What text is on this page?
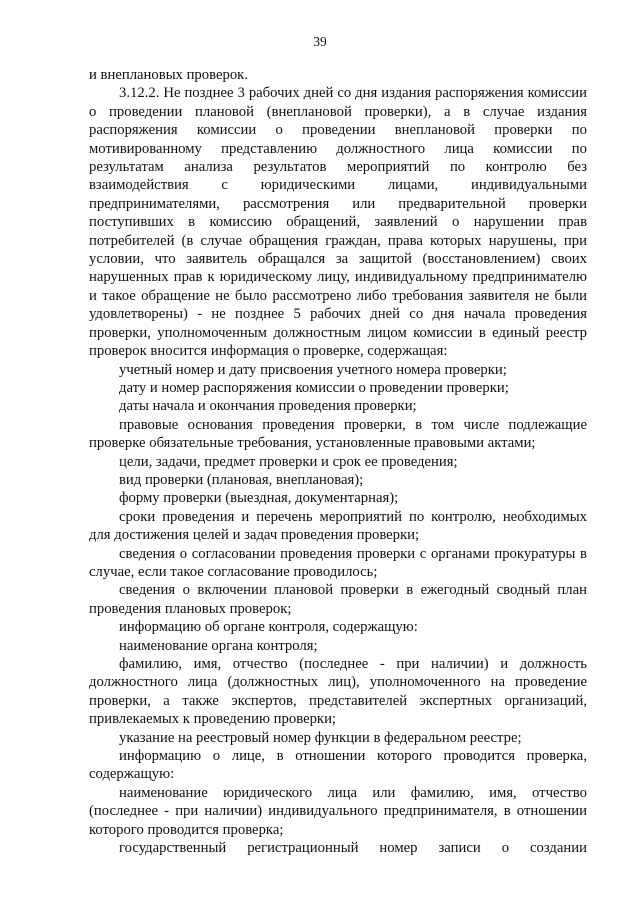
39

и внеплановых проверок.

3.12.2. Не позднее 3 рабочих дней со дня издания распоряжения комиссии о проведении плановой (внеплановой проверки), а в случае издания распоряжения комиссии о проведении внеплановой проверки по мотивированному представлению должностного лица комиссии по результатам анализа результатов мероприятий по контролю без взаимодействия с юридическими лицами, индивидуальными предпринимателями, рассмотрения или предварительной проверки поступивших в комиссию обращений, заявлений о нарушении прав потребителей (в случае обращения граждан, права которых нарушены, при условии, что заявитель обращался за защитой (восстановлением) своих нарушенных прав к юридическому лицу, индивидуальному предпринимателю и такое обращение не было рассмотрено либо требования заявителя не были удовлетворены) - не позднее 5 рабочих дней со дня начала проведения проверки, уполномоченным должностным лицом комиссии в единый реестр проверок вносится информация о проверке, содержащая:

учетный номер и дату присвоения учетного номера проверки;

дату и номер распоряжения комиссии о проведении проверки;

даты начала и окончания проведения проверки;

правовые основания проведения проверки, в том числе подлежащие проверке обязательные требования, установленные правовыми актами;

цели, задачи, предмет проверки и срок ее проведения;

вид проверки (плановая, внеплановая);

форму проверки (выездная, документарная);

сроки проведения и перечень мероприятий по контролю, необходимых для достижения целей и задач проведения проверки;

сведения о согласовании проведения проверки с органами прокуратуры в случае, если такое согласование проводилось;

сведения о включении плановой проверки в ежегодный сводный план проведения плановых проверок;

информацию об органе контроля, содержащую:

наименование органа контроля;

фамилию, имя, отчество (последнее - при наличии) и должность должностного лица (должностных лиц), уполномоченного на проведение проверки, а также экспертов, представителей экспертных организаций, привлекаемых к проведению проверки;

указание на реестровый номер функции в федеральном реестре;

информацию о лице, в отношении которого проводится проверка, содержащую:

наименование юридического лица или фамилию, имя, отчество (последнее - при наличии) индивидуального предпринимателя, в отношении которого проводится проверка;

государственный регистрационный номер записи о создании
